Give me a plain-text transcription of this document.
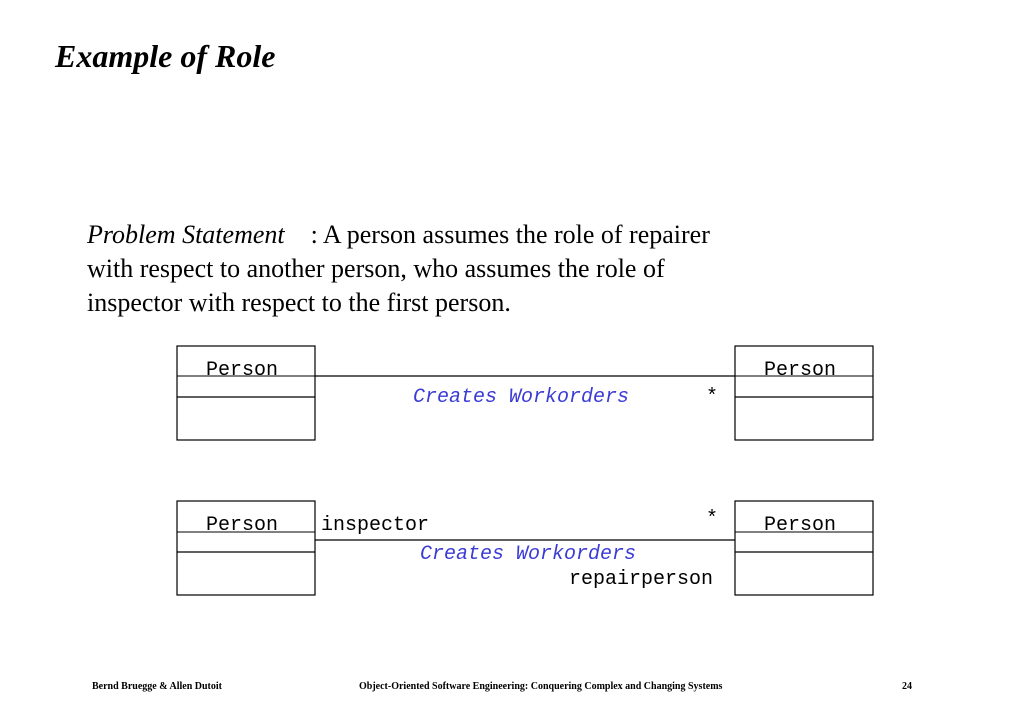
Example of Role
Problem Statement : A person assumes the role of repairer
with respect to another person, who assumes the role of
inspector with respect to the first person.
Person	Person
Creates Workorders	*
Person	Person
inspector	*
Creates Workorders
repairperson
Bernd Bruegge & Allen Dutoit	Object-Oriented Software Engineering: Conquering Complex and Changing Systems	24
